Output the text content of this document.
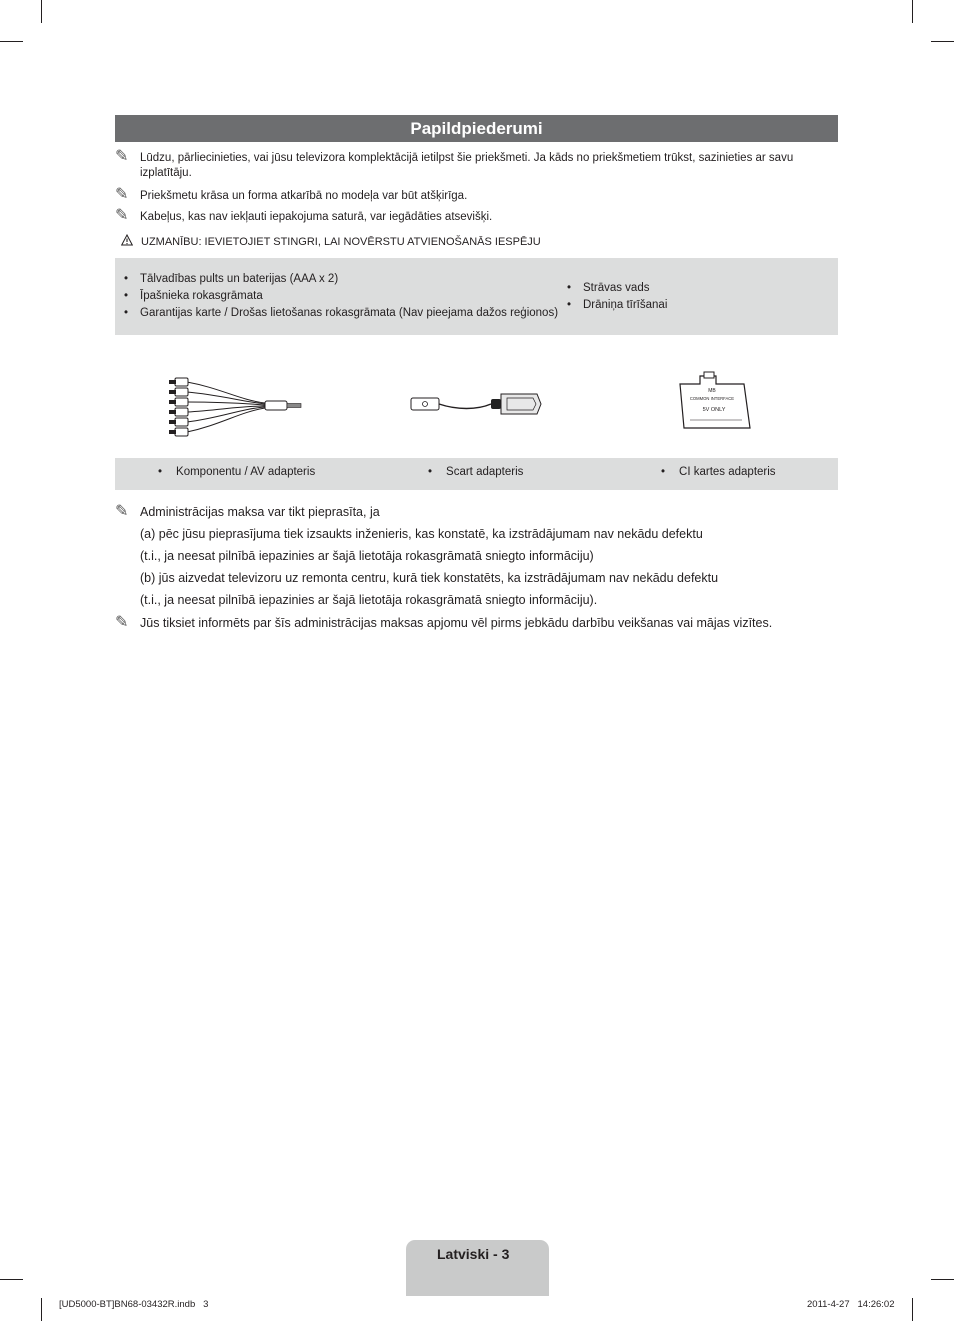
Papildpiederumi
✎ Lūdzu, pārliecinieties, vai jūsu televizora komplektācijā ietilpst šie priekšmeti. Ja kāds no priekšmetiem trūkst, sazinieties ar savu
izplatītāju.
✎ Priekšmetu krāsa un forma atkarībā no modeļa var būt atšķirīga.
✎ Kabeļus, kas nav iekļauti iepakojuma saturā, var iegādāties atsevišķi.
UZMANĪBU: IEVIETOJIET STINGRI, LAI NOVĒRSTU ATVIENOŠANĀS IESPĒJU
• Tālvadības pults un baterijas (AAA x 2)
• Īpašnieka rokasgrāmata
• Garantijas karte / Drošas lietošanas rokasgrāmata (Nav pieejama dažos reģionos)
• Strāvas vads
• Drāniņa tīrīšanai
MB
COMMON INTERFACE
5V ONLY
• Komponentu / AV adapteris	• Scart adapteris	• CI kartes adapteris
✎ Administrācijas maksa var tikt pieprasīta, ja
(a) pēc jūsu pieprasījuma tiek izsaukts inženieris, kas konstatē, ka izstrādājumam nav nekādu defektu
(t.i., ja neesat pilnībā iepazinies ar šajā lietotāja rokasgrāmatā sniegto informāciju)
(b) jūs aizvedat televizoru uz remonta centru, kurā tiek konstatēts, ka izstrādājumam nav nekādu defektu
(t.i., ja neesat pilnībā iepazinies ar šajā lietotāja rokasgrāmatā sniegto informāciju).
✎ Jūs tiksiet informēts par šīs administrācijas maksas apjomu vēl pirms jebkādu darbību veikšanas vai mājas vizītes.
Latviski - 3
[UD5000-BT]BN68-03432R.indb   3	2011-4-27   14:26:02
